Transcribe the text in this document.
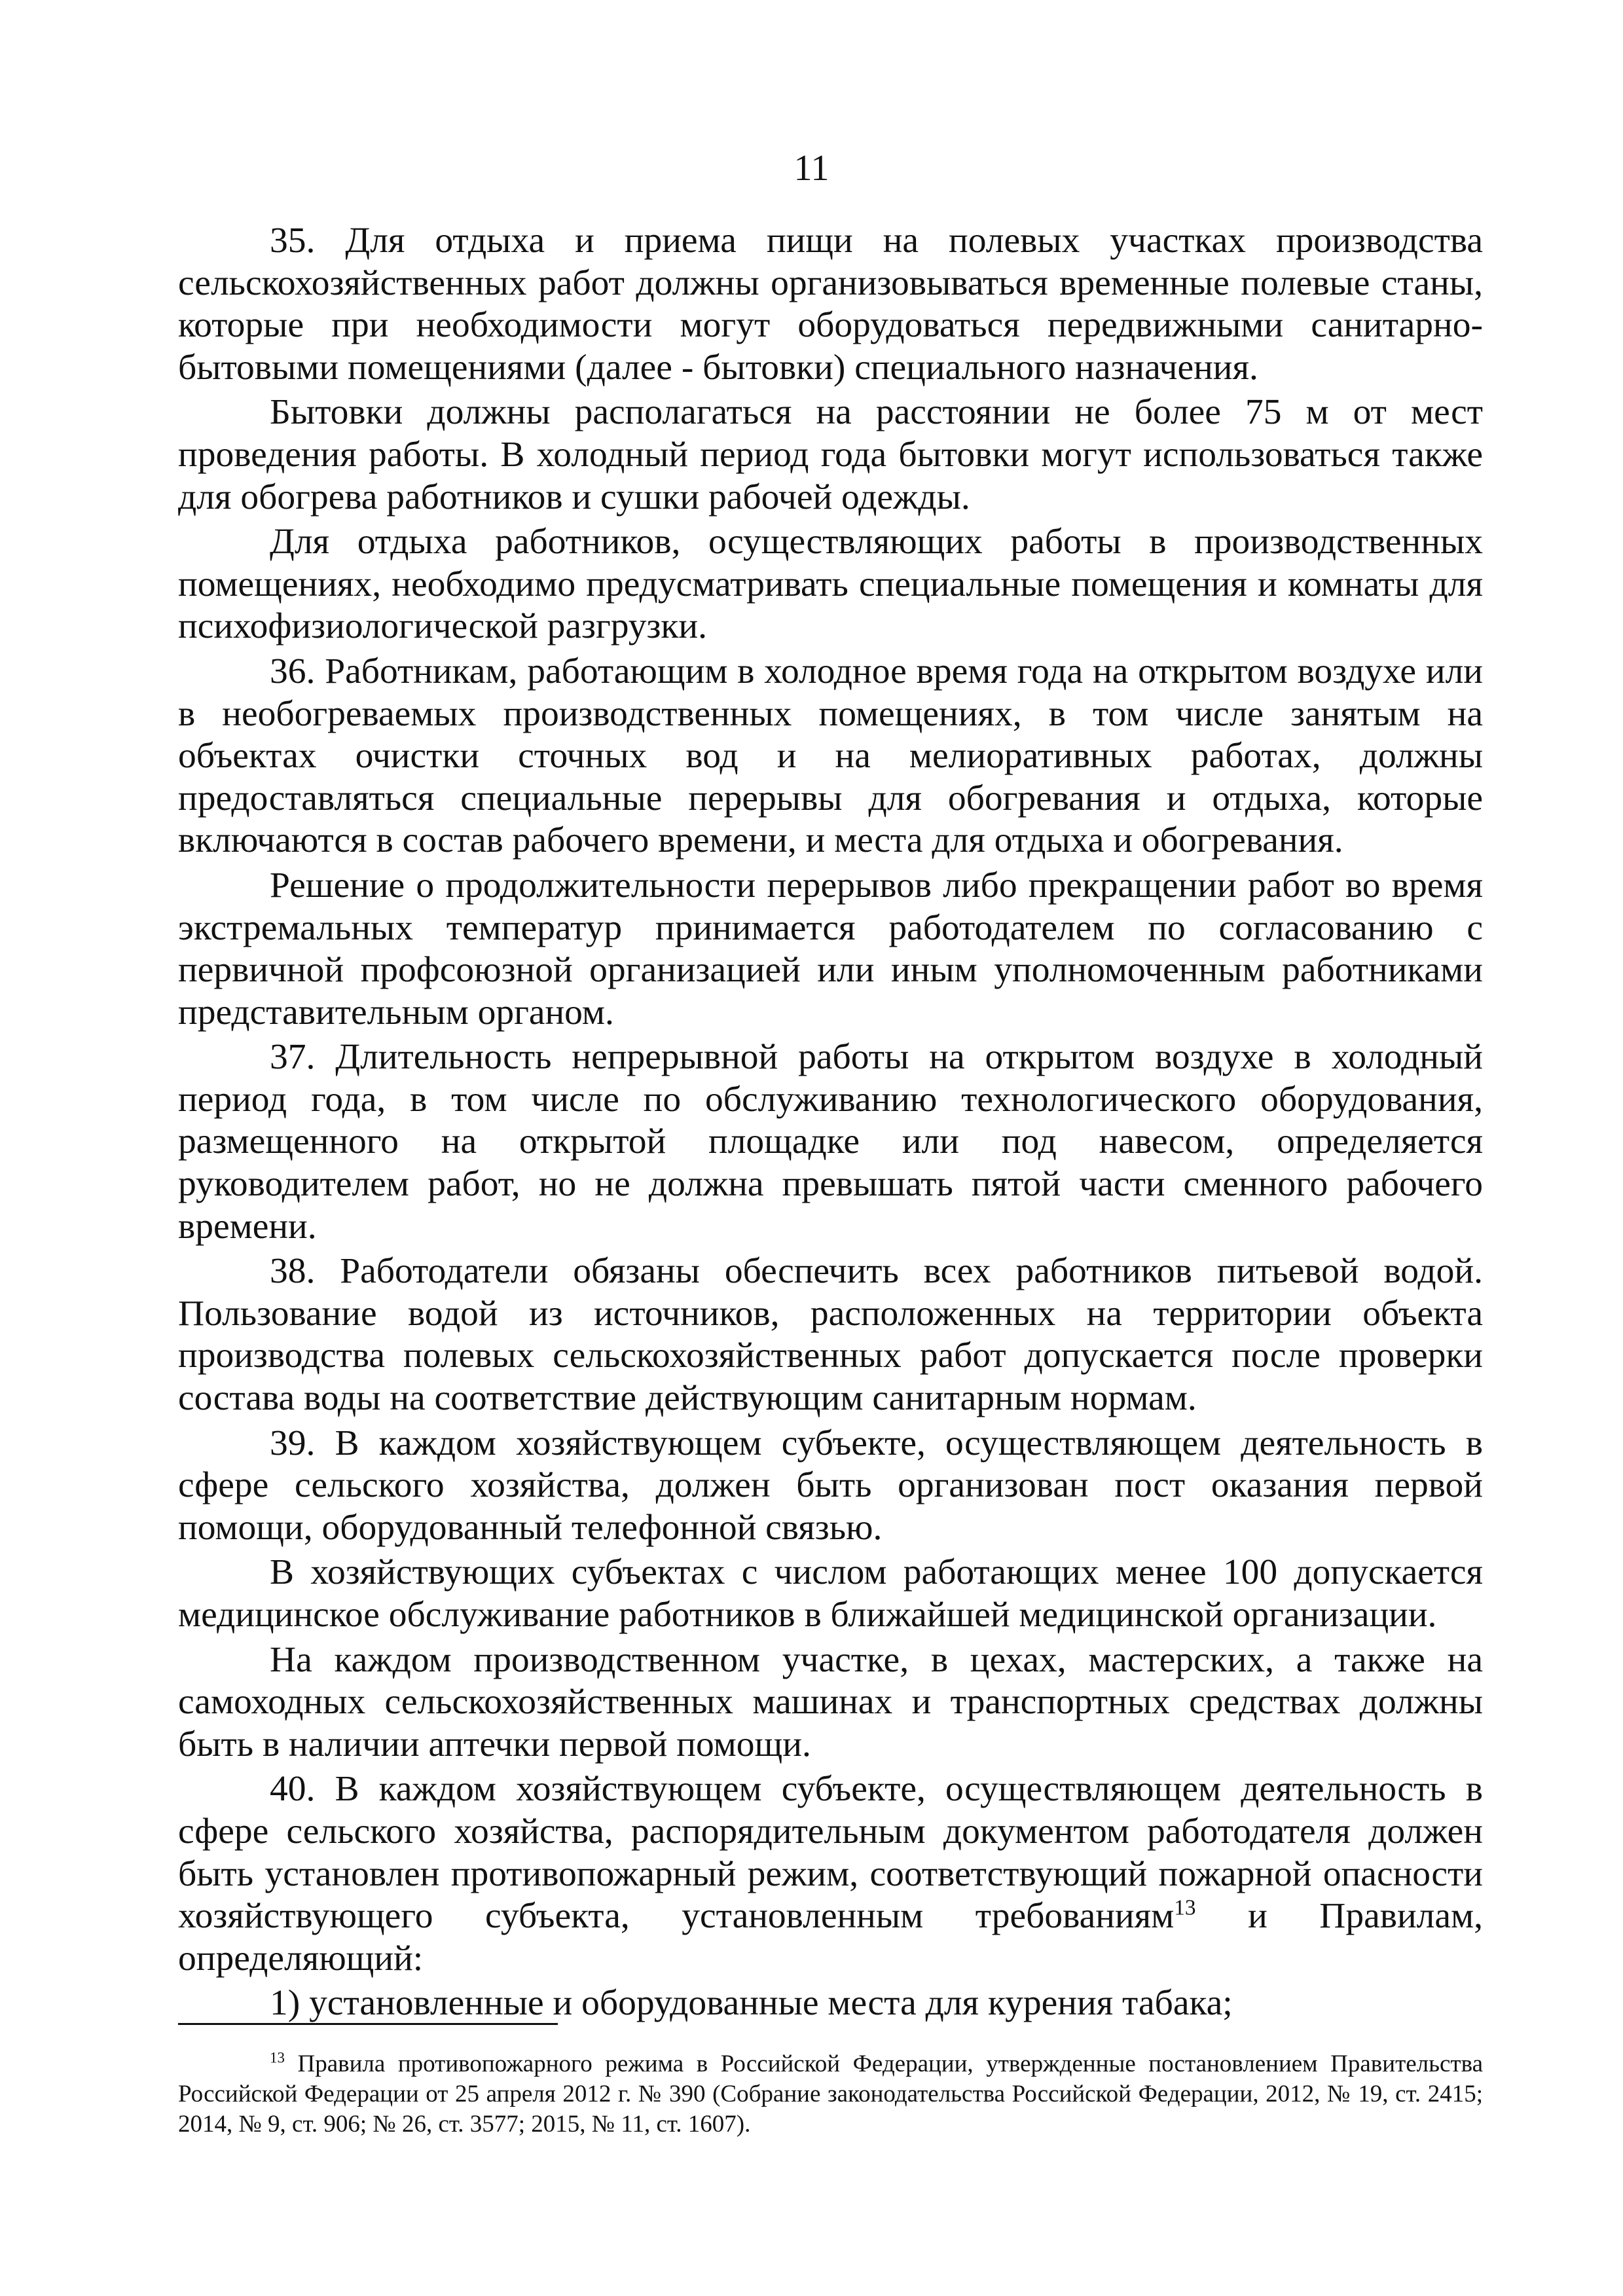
11

35. Для отдыха и приема пищи на полевых участках производства сельскохозяйственных работ должны организовываться временные полевые станы, которые при необходимости могут оборудоваться передвижными санитарно-бытовыми помещениями (далее - бытовки) специального назначения.

Бытовки должны располагаться на расстоянии не более 75 м от мест проведения работы. В холодный период года бытовки могут использоваться также для обогрева работников и сушки рабочей одежды.

Для отдыха работников, осуществляющих работы в производственных помещениях, необходимо предусматривать специальные помещения и комнаты для психофизиологической разгрузки.

36. Работникам, работающим в холодное время года на открытом воздухе или в необогреваемых производственных помещениях, в том числе занятым на объектах очистки сточных вод и на мелиоративных работах, должны предоставляться специальные перерывы для обогревания и отдыха, которые включаются в состав рабочего времени, и места для отдыха и обогревания.

Решение о продолжительности перерывов либо прекращении работ во время экстремальных температур принимается работодателем по согласованию с первичной профсоюзной организацией или иным уполномоченным работниками представительным органом.

37. Длительность непрерывной работы на открытом воздухе в холодный период года, в том числе по обслуживанию технологического оборудования, размещенного на открытой площадке или под навесом, определяется руководителем работ, но не должна превышать пятой части сменного рабочего времени.

38. Работодатели обязаны обеспечить всех работников питьевой водой. Пользование водой из источников, расположенных на территории объекта производства полевых сельскохозяйственных работ допускается после проверки состава воды на соответствие действующим санитарным нормам.

39. В каждом хозяйствующем субъекте, осуществляющем деятельность в сфере сельского хозяйства, должен быть организован пост оказания первой помощи, оборудованный телефонной связью.

В хозяйствующих субъектах с числом работающих менее 100 допускается медицинское обслуживание работников в ближайшей медицинской организации.

На каждом производственном участке, в цехах, мастерских, а также на самоходных сельскохозяйственных машинах и транспортных средствах должны быть в наличии аптечки первой помощи.

40. В каждом хозяйствующем субъекте, осуществляющем деятельность в сфере сельского хозяйства, распорядительным документом работодателя должен быть установлен противопожарный режим, соответствующий пожарной опасности хозяйствующего субъекта, установленным требованиям$^{13}$ и Правилам, определяющий:

1) установленные и оборудованные места для курения табака;

$^{13}$ Правила противопожарного режима в Российской Федерации, утвержденные постановлением Правительства Российской Федерации от 25 апреля 2012 г. № 390 (Собрание законодательства Российской Федерации, 2012, № 19, ст. 2415; 2014, № 9, ст. 906; № 26, ст. 3577; 2015, № 11, ст. 1607).
